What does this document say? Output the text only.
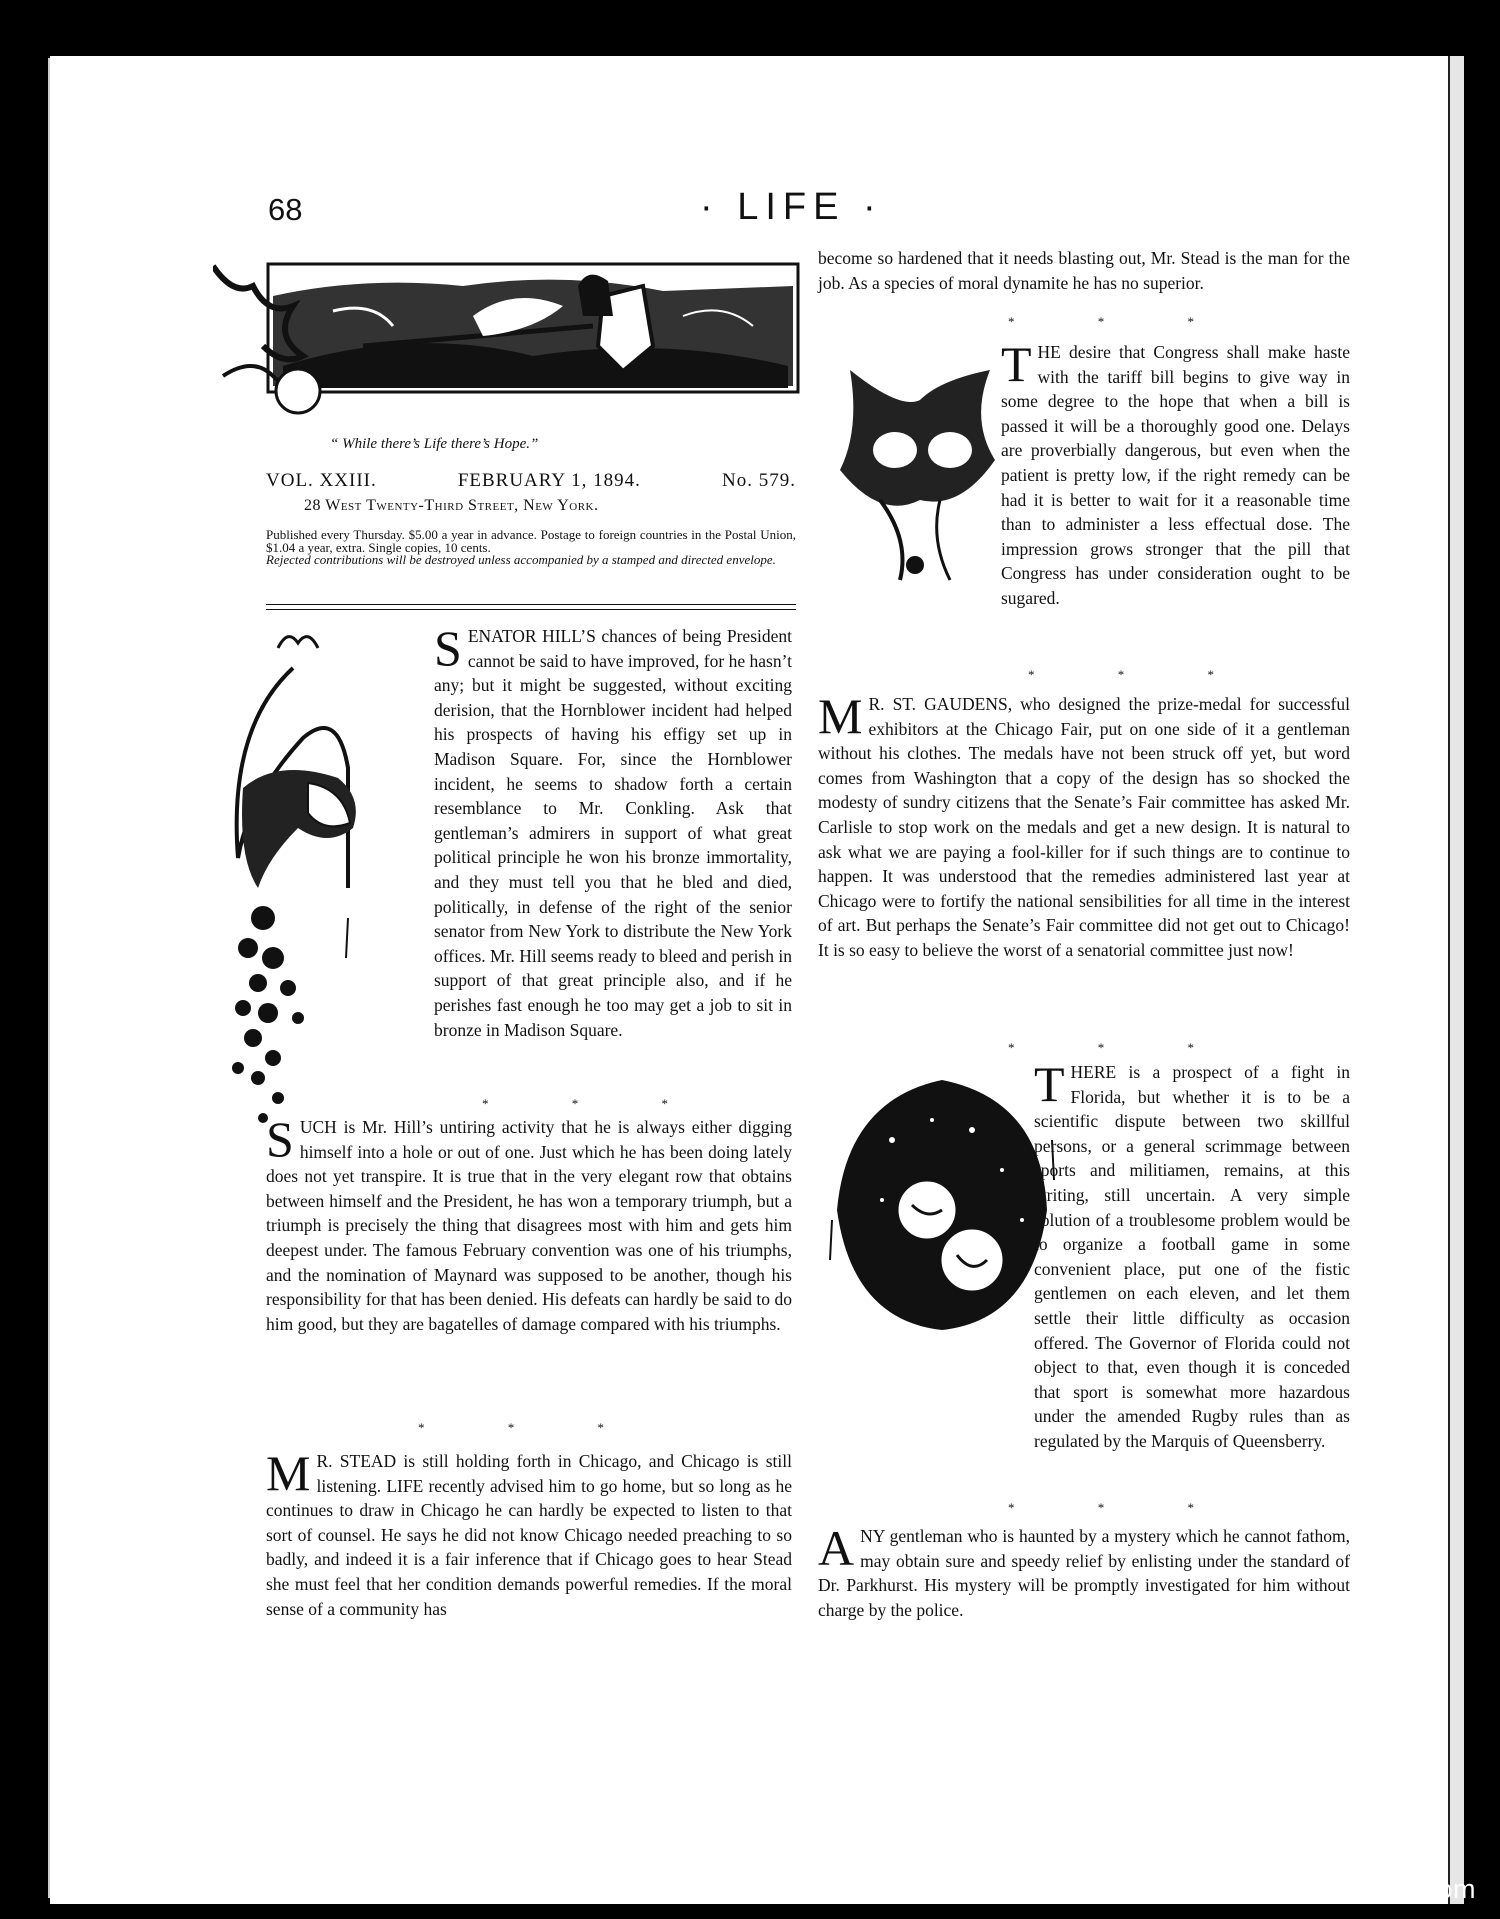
68	· LIFE ·
“ While there’s Life there’s Hope.”
VOL. XXIII.	FEBRUARY 1, 1894.	No. 579.
28 West Twenty-Third Street, New York.
Published every Thursday. $5.00 a year in advance. Postage to foreign countries in the Postal Union, $1.04 a year, extra. Single copies, 10 cents.
Rejected contributions will be destroyed unless accompanied by a stamped and directed envelope.

SENATOR HILL’S chances of being President cannot be said to have improved, for he hasn’t any; but it might be suggested, without exciting derision, that the Hornblower incident had helped his prospects of having his effigy set up in Madison Square. For, since the Hornblower incident, he seems to shadow forth a certain resemblance to Mr. Conkling. Ask that gentleman’s admirers in support of what great political principle he won his bronze immortality, and they must tell you that he bled and died, politically, in defense of the right of the senior senator from New York to distribute the New York offices. Mr. Hill seems ready to bleed and perish in support of that great principle also, and if he perishes fast enough he too may get a job to sit in bronze in Madison Square.

* * *

SUCH is Mr. Hill’s untiring activity that he is always either digging himself into a hole or out of one. Just which he has been doing lately does not yet transpire. It is true that in the very elegant row that obtains between himself and the President, he has won a temporary triumph, but a triumph is precisely the thing that disagrees most with him and gets him deepest under. The famous February convention was one of his triumphs, and the nomination of Maynard was supposed to be another, though his responsibility for that has been denied. His defeats can hardly be said to do him good, but they are bagatelles of damage compared with his triumphs.

* * *

M R. STEAD is still holding forth in Chicago, and Chicago is still listening. LIFE recently advised him to go home, but so long as he continues to draw in Chicago he can hardly be expected to listen to that sort of counsel. He says he did not know Chicago needed preaching to so badly, and indeed it is a fair inference that if Chicago goes to hear Stead she must feel that her condition demands powerful remedies. If the moral sense of a community has

become so hardened that it needs blasting out, Mr. Stead is the man for the job. As a species of moral dynamite he has no superior.

* * *

THE desire that Congress shall make haste with the tariff bill begins to give way in some degree to the hope that when a bill is passed it will be a thoroughly good one. Delays are proverbially dangerous, but even when the patient is pretty low, if the right remedy can be had it is better to wait for it a reasonable time than to administer a less effectual dose. The impression grows stronger that the pill that Congress has under consideration ought to be sugared.

* * *

M R. ST. GAUDENS, who designed the prize-medal for successful exhibitors at the Chicago Fair, put on one side of it a gentleman without his clothes. The medals have not been struck off yet, but word comes from Washington that a copy of the design has so shocked the modesty of sundry citizens that the Senate’s Fair committee has asked Mr. Carlisle to stop work on the medals and get a new design. It is natural to ask what we are paying a fool-killer for if such things are to continue to happen. It was understood that the remedies administered last year at Chicago were to fortify the national sensibilities for all time in the interest of art. But perhaps the Senate’s Fair committee did not get out to Chicago! It is so easy to believe the worst of a senatorial committee just now!

* * *

THERE is a prospect of a fight in Florida, but whether it is to be a scientific dispute between two skillful persons, or a general scrimmage between sports and militiamen, remains, at this writing, still uncertain. A very simple solution of a troublesome problem would be to organize a football game in some convenient place, put one of the fistic gentlemen on each eleven, and let them settle their little difficulty as occasion offered. The Governor of Florida could not object to that, even though it is conceded that sport is somewhat more hazardous under the amended Rugby rules than as regulated by the Marquis of Queensberry.

* * *

ANY gentleman who is haunted by a mystery which he cannot fathom, may obtain sure and speedy relief by enlisting under the standard of Dr. Parkhurst. His mystery will be promptly investigated for him without charge by the police.

comicbooks.com
